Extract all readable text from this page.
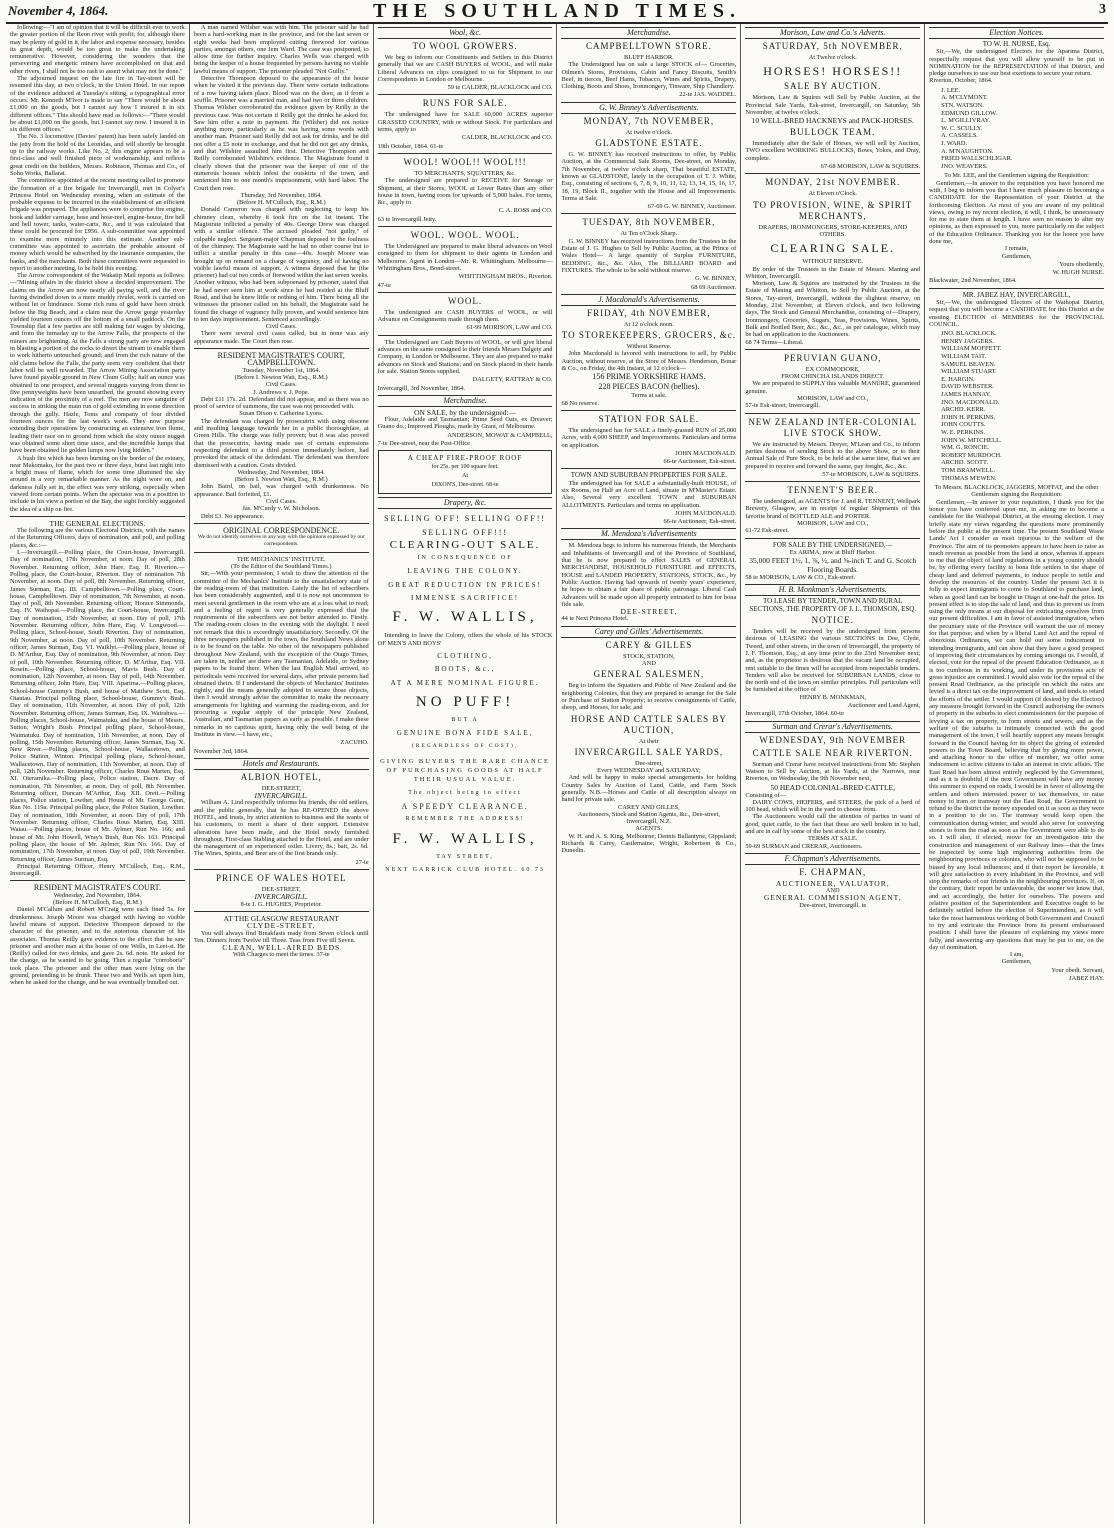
November 4, 1864.	THE SOUTHLAND TIMES.	3

following:—"I am of opinion that it will be difficult ever to work the greater portion of the Reon river with profit; for, although there may be plenty of gold in it, the labor and expense necessary, besides its great depth, would be too great to make the undertaking remunerative. However, considering the wonders that the persevering and energetic miners have accomplished on that and other rivers, I shall not be too rash to assert what may not be done."

The adjourned inquest on the late fire in Tay-street will be resumed this day, at two o'clock, in the Union Hotel. In our report of the evidence adduced at Tuesday's sitting, a typographical error occurs. Mr. Kenneth M'Ivor is made to say "There would be about £1,000 on the goods, but I cannot say how I insured it in six different offices." This should have read as follows:—"There would be about £1,000 on the goods, but I cannot say now. I insured it in six different offices."

The No. 3 locomotive (Davies' patent) has been safely landed on the jetty from the hold of the Leonidas, and will shortly be brought up to the railway works. Like No. 2, this engine appears to be a first-class and well finished piece of workmanship, and reflects great credit on the builders, Messrs. Robinson, Thomas and Co., of Soho Works, Ballarat.

The committee appointed at the recent meeting called to promote the formation of a fire brigade for Invercargill, met in Colyer's Princess Hotel on Wednesday evening, when an estimate of the probable expense to be incurred in the establishment of an efficient brigade was prepared. The appliances were to comprise fire engine, hook and ladder carriage, hose and hose-reel, engine-house, fire bell and bell tower, tanks, water-carts, &c., and it was calculated that these could be procured for £956. A sub-committee was appointed to examine more minutely into this estimate. Another sub-committee was appointed to ascertain the probable amount of money which would be subscribed by the insurance companies, the banks, and the merchants. Both these committees were requested to report to another meeting, to be held this evening.

The Arrow correspondent of the Wakatip Mail reports as follows:—"Mining affairs in the district show a decided improvement. The claims on the Arrow are now nearly all paying well, and the river having dwindled down to a mere muddy rivulet, work is carried on without let or hindrance. Some rich runs of gold have been struck below the Big Beach, and a claim near the Arrow gorge yesterday yielded fourteen ounces off the bottom of a small paddock. On the Township flat a few parties are still making fair wages by sluicing, and from the turnaday up to the Arrow Falls, the prospects of the miners are brightening. At the Falls a strong party are now engaged in blasting a portion of the rocks to divert the stream to enable them to work hitherto untouched ground; and from the rich nature of the old claims below the Falls, the party seem very confident that their labor will be well rewarded. The Arrow Mining Association party have found payable ground in New Chum Gully; half an ounce was obtained in one prospect, and several nuggets varying from three to five pennyweights have been unearthed, the ground showing every indication of the proximity of a reef. The men are now sanguine of success in striking the main run of gold extending in some direction through the gully. Hazle, Toms and company of four divided fourteen ounces for the last week's work. They now purpose extending their operations by constructing an extensive iron flume, leading their race on to ground from which the sixty ounce nugget was obtained some short time since, and the incredible lumps that have been obtained lie golden lumps now lying hidden."

A bush fire which has been burning on the border of the estuary, near Makomako, for the past two or three days, burst last night into a bright mass of flame, which for some time illumined the sky around in a very remarkable manner. As the night wore on, and darkness fully set in, the effect was very striking, especially when viewed from certain points. When the spectator was in a position to include in his view a portion of the Bay, the sight forcibly suggested the idea of a ship on fire.

THE GENERAL ELECTIONS.

The following are the various Electoral Districts, with the names of the Returning Officers, days of nomination, and poll, and polling places, &c.:—

I.—Invercargill.—Polling place, the Court-house, Invercargill. Day of nomination, 17th November, at noon. Day of poll, 28th November. Returning officer, John Hare, Esq. II. Riverton.—Polling place, the Court-house, Riverton. Day of nomination 7th November, at noon. Day of poll, 8th November. Returning officer, James Surman, Esq. III. Campbelltown.—Polling place, Court-house, Campbelltown. Day of nomination, 7th November, at noon. Day of poll, 8th November. Returning officer, Horace Simmonds, Esq. IV. Waihopai.—Polling place, the Court-house, Invercargill. Day of nomination, 15th November, at noon. Day of poll, 17th November. Returning officer, John Hare, Esq. V. Longwood.—Polling place, School-house, South Riverton. Day of nomination, 9th November, at noon. Day of poll, 10th November. Returning officer, James Surman, Esq. VI. Waiklyt.—Polling place, house of D. M'Arthur, Esq. Day of nomination, 9th November, at noon. Day of poll, 10th November. Returning officer, D. M'Arthur, Esq. VII. Rosein.—Polling place, School-house, Mavis Bush. Day of nomination, 12th November, at noon. Day of poll, 14th November. Returning officer, John Hare, Esq. VIII. Aparima.—Polling places, School-house Gummy's Bush, and house of Matthew Scott, Esq. Otautau. Principal polling place, School-house, Gummy's Bush. Day of nomination, 11th November, at noon. Day of poll, 12th November. Returning officer, James Surman, Esq. IX. Wairahwa.—Polling places, School-house, Waimatuku, and the house of Messrs. Sutton, Wright's Bush. Principal polling place, School-house, Waimatuku. Day of nomination, 11th November, at noon. Day of polling, 15th November. Returning officer, James Surman, Esq. X. New River.—Polling places, School-house, Wallacetown, and Police Station, Winton. Principal polling place, School-house, Wallacetown. Day of nomination, 11th November, at noon. Day of poll, 12th November. Returning officer, Charles Rous Marten, Esq. XI. Oteramika.—Polling place, Police station, Dacre. Day of nomination, 7th November, at noon. Day of poll, 8th November. Returning officer, Duncan M'Arthur, Esq. XII. Oreti.—Polling places, Police station, Lowther, and House of Mr. George Gunn, Run No. 119a. Principal polling place, the Police Station, Lowther. Day of nomination, 18th November, at noon. Day of poll, 17th November. Returning officer, Charles Rous Marten, Esq. XIII. Waiau.—Polling places, house of Mr. Aylmer, Run No. 166; and house of Mr. John Howell, Wray's Bush, Run No. 163. Principal polling place, the house of Mr. Aylmer, Run No. 166. Day of nomination, 17th November, at noon. Day of poll, 19th November. Returning officer, James Surman, Esq.

Principal Returning Officer, Henry M'Culloch, Esq., R.M., Invercargill.

RESIDENT MAGISTRATE'S COURT.
Wednesday, 2nd November, 1864.
(Before H. M'Culloch, Esq., R.M.)

Daniel M'Callum and Robert M'Craig were each fined 5s. for drunkenness. Joseph Moore was charged with having no visible lawful means of support. Detective Thompson deposed to the character of the prisoner, and to the notorious character of his associates. Thomas Reilly gave evidence to the effect that he saw prisoner and another man at the house of one Wells, in Leet-st. He (Reilly) called for two drinks, and gave 2s. 6d. note. He asked for the change, as he wanted to be going. Then a regular "corroboris" took place. The prisoner and the other man were lying on the ground, pretending to be drunk. These two and Wells set upon him, when he asked for the change, and he was eventually bundled out.

A man named Wilsher was with him. The prisoner said he had been a hard-working man in the province, and for the last seven or eight weeks had been employed cutting firewood for various parties, amongst others, one Jem Ward. The case was postponed, to allow time for further inquiry. Charles Wells was charged with being the keeper of a house frequented by persons having no visible lawful means of support. The prisoner pleaded "Not Guilty."

Detective Thompson deposed to the appearance of the house when he visited it the previous day. There were certain indications of a row having taken place. Blood was on the door, as if from a scuffle. Prisoner was a married man, and had two or three children. Thomas Wilsher corroborated the evidence given by Reilly in the previous case. Was not certain if Reilly got the drinks he asked for. Saw him offer a note in payment. He (Wilsher) did not notice anything more, particularly as he was having some words with another man. Prisoner said Reilly did not ask for drinks, and he did not offer a £5 note in exchange, and that he did not get any drinks, and that Wilshire assaulted him first. Detective Thompson and Reilly corroborated Wilshire's evidence. The Magistrate found it clearly shown that the prisoner was the keeper of one of the numerous houses which infest the outskirts of the town, and sentenced him to one month's imprisonment, with hard labor. The Court then rose.

Thursday, 3rd November, 1864.
(Before H. M'Culloch, Esq., R.M.)

Donald Cameron was charged with neglecting to keep his chimney clean, whereby it took fire on the 1st instant. The Magistrate inflicted a penalty of 40s. George Drew was charged with a similar offence. The accused pleaded "not guilty," of culpable neglect. Sergeant-major Chapman deposed to the foulness of the chimney. The Magistrate said he had no other course but to inflict a similar penalty in this case—40s. Joseph Moore was brought up on remand on a charge of vagrancy, and of having no visible lawful means of support. A witness deposed that he (the prisoner) had cut two cords of firewood within the last seven weeks. Another witness, who had been subpoenaed by prisoner, stated that he had never seen him at work since he had resided at the Bluff Road, and that he knew little or nothing of him. There being all the witnesses the prisoner called on his behalf, the Magistrate said he found the charge of vagrancy fully proven, and would sentence him to ten days imprisonment. Sentenced accordingly.

Civil Cases.

There were several civil cases called, but in none was any appearance made. The Court then rose.

RESIDENT MAGISTRATE'S COURT, CAMPBELLTOWN.
Tuesday, November 1st, 1864.
(Before I. Newton Watt, Esq., R.M.)
Civil Cases.
J. Andrews v. J. Pope.

Debt £11 17s. 2d. Defendant did not appear, and as there was no proof of service of summons, the case was not proceeded with.

Susan Dixon v. Catherine Lyons.

The defendant was charged by prosecutrix with using obscene and insulting language towards her in a public thoroughfare, at Green Hills. The charge was fully proven; but it was also proved that the prosecutrix, having made use of certain expressions respecting defendant to a third person immediately before, had provoked the attack of the defendant. The defendant was therefore dismissed with a caution. Costs divided.

Wednesday, 2nd November, 1864.
(Before I. Newton Watt, Esq., R.M.)

John Baird, on bail, was charged with drunkenness. No appearance. Bail forfeited, £1.

Civil Cases.
Jas. M'Curdy v. W. Nicholson.

Debt £3. No appearance.

ORIGINAL CORRESPONDENCE.
We do not identify ourselves in any way with the opinions expressed by our correspondents.
THE MECHANICS' INSTITUTE.
(To the Editor of the Southland Times.)

Sir,—With your permission, I wish to draw the attention of the committee of the Mechanics' Institute to the unsatisfactory state of the reading-room of that institution. Lately the list of subscribers has been considerably augmented, and it is now not uncommon to meet several gentlemen in the room who are at a loss what to read; and a feeling of regret is very generally expressed that the requirements of the subscribers are not better attended to. Firstly. The reading-room closes in the evening with the daylight. I need not remark that this is exceedingly unsatisfactory. Secondly. Of the three newspapers published in the town, the Southland News alone is to be found on the table. No other of the newspapers published throughout New Zealand, with the exception of the Otago Times, are taken in, neither are there any Tasmanian, Adelaide, or Sydney papers to be found there. When the last English Mail arrived, no periodicals were received for several days, after private persons had obtained theirs. If I understand the objects of Mechanics' Institutes rightly, and the means generally adopted to secure those objects, then I would strongly advise the committee to make the necessary arrangements for lighting and warming the reading-room, and for procuring a regular supply of the principle New Zealand, Australian, and Tasmanian papers as early as possible. I make these remarks in no captious spirit, having only the well being of the Institute in view.—I have, etc.,

ZACUHO.
November 3rd, 1864.
Hotels and Restaurants.
ALBION HOTEL,
DEE-STREET,
INVERCARGILL.

William A. Lind respectfully informs his friends, the old settlers, and the public generally, that he has RE-OPENED the above HOTEL, and trusts, by strict attention to business and the wants of his customers, to merit a share of their support. Extensive alterations have been made, and the Hotel newly furnished throughout. First-class Stabling attached to the Hotel, and are under the management of an experienced ostler. Livery, 8s.; bait, 2s. 6d. The Wines, Spirits, and Beer are of the first brands only.

27-te
PRINCE OF WALES HOTEL
DEE-STREET,
INVERCARGILL.
8-te J. G. HUGHES, Proprietor.
AT THE GLASGOW RESTAURANT
CLYDE-STREET,

You will always find Breakfasts ready from Seven o'clock until Ten. Dinners from Twelve till Three. Teas from Five till Seven.

CLEAN, WELL-AIRED BEDS
With Charges to meet the times. 37-te
Wool, &c.
TO WOOL GROWERS.

We beg to inform our Constituents and Settlers in this District generally that we are CASH BUYERS of WOOL, and will make Liberal Advances on clips consigned to us for Shipment to our Correspondents in London or Melbourne.

59 te CALDER, BLACKLOCK and CO.
RUNS FOR SALE.

The undersigned have for SALE 60,000 ACRES superior GRASSED COUNTRY, with or without Stock. For particulars and terms, apply to

CALDER, BLACKLOCK and CO.
19th October, 1864. 61-te
WOOL! WOOL!! WOOL!!!
TO MERCHANTS, SQUATTERS, &c.

The undersigned are prepared to RECEIVE for Storage or Shipment, at their Stores, WOOL at Lower Rates than any other house in town, having room for upwards of 5,000 bales. For terms, &c., apply to

C. A. ROSS and CO.
63 te Invercargill Jetty.
WOOL. WOOL. WOOL.

The Undersigned are prepared to make liberal advances on Wool consigned to them for shipment to their agents in London and Melbourne. Agent in London—Mr. R. Whittingham. Melbourne—Whittingham Bros., Bond-street.

WHITTINGHAM BROS., Riverton.
47-te
WOOL.

The undersigned are CASH BUYERS of WOOL, or will Advance on Consignments made through them.

61-99 MORISON, LAW and CO.

The Undersigned are Cash Buyers of WOOL, or will give liberal advances on the same consigned to their friends Messrs Dalgety and Company, in London or Melbourne. They are also prepared to make advances on Stock and Stations; and on Stock placed in their hands for sale. Station Stores supplied.

DALGETY, RATTRAY & CO.
Invercargill, 3rd November, 1864.
Merchandise.
ON SALE, by the undersigned:—

Flour, Adelaide and Tasmanian; Prime Seed Oats, ex Dreaver; Guano do.; Improved Ploughs, made by Grant, of Melbourne.

ANDERSON, MOWAT & CAMPBELL,
7-te Dee-street, near the Post-Office
A CHEAP FIRE-PROOF ROOF
for 25s. per 100 square feet.
At
DIXON'S, Dee-street. 68-te
Drapery, &c.
SELLING OFF! SELLING OFF!!
SELLING OFF!!!
CLEARING-OUT SALE.
IN CONSEQUENCE OF
LEAVING THE COLONY.
GREAT REDUCTION IN PRICES!
IMMENSE SACRIFICE!
F. W. WALLIS,

Intending to leave the Colony, offers the whole of his STOCK OF MEN'S AND BOYS'

CLOTHING,
BOOTS, &c.,
AT A MERE NOMINAL FIGURE.
NO PUFF!
BUT A
GENUINE BONA FIDE SALE,
(REGARDLESS OF COST),
GIVING BUYERS THE RARE CHANCE OF PURCHASING GOODS AT HALF THEIR USUAL VALUE.
The object being to effect
A SPEEDY CLEARANCE.
REMEMBER THE ADDRESS!
F. W. WALLIS,
TAY STREET,
NEXT GARRICK CLUB HOTEL. 60 73
Merchandise.
CAMPBELLTOWN STORE.
BLUFF HARBOR.

The Undersigned has on sale a large STOCK of— Groceries, Oilmen's Stores, Provisions, Cabin and Fancy Biscuits, Smith's Beef, in tierces, Beef Hams, Tobacco, Wines and Spirits, Drapery, Clothing, Boots and Shoes, Ironmongery, Tinware, Ship Chandlery.

22-te JAS. WADDEL.
G. W. Binney's Advertisements.
MONDAY, 7th NOVEMBER,
At twelve o'clock.
GLADSTONE ESTATE.

G. W. BINNEY has received instructions to offer, by Public Auction, at the Commercial Sale Rooms, Dee-street, on Monday, 7th November, at twelve o'clock sharp, That beautiful ESTATE, known as GLADSTONE, lately in the occupation of T. J. White, Esq., consisting of sections 6, 7, 8, 9, 10, 11, 12, 13, 14, 15, 16, 17, 18, 19, Block II., together with the House and all Improvements. Terms at Sale.

67-69 G. W. BINNEY, Auctioneer.
TUESDAY, 8th NOVEMBER,
At Ten o'Clock Sharp.

G. W. BINNEY has received instructions from the Trustees in the Estate of J. G. Hughes to Sell by Public Auction, at the Prince of Wales Hotel— A large quantity of Surplus FURNITURE, BEDDING, &c., &c. Also, The BILLIARD BOARD and FIXTURES. The whole to be sold without reserve.

G. W. BINNEY,
68 69 Auctioneer.
J. Macdonald's Advertisements.
FRIDAY, 4th NOVEMBER,
At 12 o'clock noon.
TO STOREKEEPERS, GROCERS, &c.
Without Reserve.

John Macdonald is favored with instructions to sell, by Public Auction, without reserve, at the Store of Messrs. Henderson, Bonar & Co., on Friday, the 4th instant, at 12 o'clock—

156 PRIME YORKSHIRE HAMS.
228 PIECES BACON (bellies).
Terms at sale.
68 No reserve.
STATION FOR SALE.

The undersigned has for SALE a finely-grassed RUN of 25,000 Acres, with 4,000 SHEEP, and Improvements. Particulars and terms on application.

JOHN MACDONALD.
66-te Auctioneer, Esk-street.
TOWN AND SUBURBAN PROPERTIES FOR SALE.

The undersigned has for SALE a substantially-built HOUSE, of six Rooms, on Half an Acre of Land, situate in M'Master's Estate. Also, Several very excellent TOWN and SUBURBAN ALLOTMENTS. Particulars and terms on application.

JOHN MACDONALD.
66-te Auctioneer, Esk-street.
M. Mendoza's Advertisements

M. Mendoza begs to inform his numerous friends, the Merchants and Inhabitants of Invercargill and of the Province of Southland, that he is now prepared to effect SALES of GENERAL MERCHANDISE, HOUSEHOLD FURNITURE and EFFECTS, HOUSE and LANDED PROPERTY, STATIONS, STOCK, &c., by Public Auction. Having had upwards of twenty years' experience, he hopes to obtain a fair share of public patronage. Liberal Cash Advances will be made upon all property entrusted to him for bona fide sale.

DEE-STREET,
44 te Next Princess Hotel.
Carey and Gilles' Advertisements.
CAREY & GILLES
STOCK, STATION,
AND
GENERAL SALESMEN,

Beg to inform the Squatters and Public of New Zealand and the neighboring Colonies, that they are prepared to arrange for the Sale or Purchase of Station Property; to receive consignments of Cattle, sheep, and Horses, for sale; and

HORSE AND CATTLE SALES BY AUCTION,
At their
INVERCARGILL SALE YARDS,
Dee-street,
Every WEDNESDAY and SATURDAY;

And will be happy to make special arrangements for holding Country Sales by Auction of Land, Cattle, and Farm Stock generally. N.B.—Horses and Cattle of all description always on hand for private sale.

CAREY AND GILLES,
Auctioneers, Stock and Station Agents, &c., Dee-street, Invercargill, N.Z.
AGENTS:

W. H. and A. S. King, Melbourne; Dennis Ballantyne, Gippsland; Richards & Carey, Castlemaine; Wright, Robertson & Co., Dunedin.

Morison, Law and Co.'s Adverts.
SATURDAY, 5th NOVEMBER,
At Twelve o'clock.
HORSES! HORSES!!
SALE BY AUCTION.

Morison, Law & Squires will Sell by Public Auction, at the Provincial Sale Yards, Esk-street, Invercargill, on Saturday, 5th November, at twelve o'clock,

10 WELL-BRED HACKNEYS and PACK-HORSES.
BULLOCK TEAM.

Immediately after the Sale of Horses, we will sell by Auction, TWO excellent WORKING BULLOCKS, Bows, Yokes, and Dray, complete.

67-68 MORISON, LAW & SQUIRES.
MONDAY, 21st NOVEMBER.
At Eleven o'Clock.
TO PROVISION, WINE, & SPIRIT MERCHANTS,
DRAPERS, IRONMONGERS, STORE-KEEPERS, AND OTHERS.
CLEARING SALE.
WITHOUT RESERVE.

By order of the Trustees in the Estate of Messrs. Maning and Whitton, Invercargill.

Morison, Law & Squires are instructed by the Trustees in the Estate of Maning and Whitton, to Sell by Public Auction, at the Stores, Tay-street, Invercargill, without the slightest reserve, on Monday, 21st November, at Eleven o'clock, and two following days, The Stock and General Merchandise, consisting of—Drapery, Ironmongery, Groceries, Sugars, Teas, Provisions, Wines, Spirits, Bulk and Bottled Beer, &c., &c., &c., as per catalogue, which may be had on application to the Auctioneers.

68 74 Terms—Liberal.
PERUVIAN GUANO,
EX COMMODORE,
FROM CHINCHA ISLANDS DIRECT.

We are prepared to SUPPLY this valuable MANURE, guaranteed genuine.

MORISON, LAW and CO.,
57-te Esk-street, Invercargill.
NEW ZEALAND INTER-COLONIAL LIVE STOCK SHOW.

We are instructed by Messrs. Dreyer, M'Lean and Co., to inform parties desirous of sending Stock to the above Show, or to their Annual Sale of Pure Stock, to be held at the same time, that we are prepared to receive and forward the same, pay freight, &c., &c.

57-te MORISON, LAW & SQUIRES.
TENNENT'S BEER.

The undersigned, as AGENTS for J. and R. TENNENT, Wellpark Brewery, Glasgow, are in receipt of regular Shipments of this favorite brand of BOTTLED ALE and PORTER.

MORISON, LAW and CO.,
61-72 Esk-street.
FOR SALE BY THE UNDERSIGNED,—
Ex ARIMA, now at Bluff Harbor.
35,000 FEET 1½, 1, ⅞, ½, and ⅝-inch T. and G. Scotch Flooring Boards.
58 te MORISON, LAW & CO., Esk-street.
H. B. Monkman's Advertisements.
TO LEASE BY TENDER, TOWN AND RURAL SECTIONS, THE PROPERTY OF J. L. THOMSON, ESQ.
NOTICE.

Tenders will be received by the undersigned from persons desirous of LEASING the various SECTIONS in Doe, Clyde, Tweed, and other streets, in the town of Invercargill, the property of J. F. Thomson, Esq., at any time prior to the 23rd November next; and, as the proprietor is desirous that the vacant land be occupied, rent suitable to the times will be accepted from respectable tenders. Tenders will also be received for SUBURBAN LANDS, close to the north end of the town on similar principles. Full particulars will be furnished at the office of

HENRY B. MONKMAN,
Auctioneer and Land Agent,
Invercargill, 17th October, 1864. 60-te
Surman and Crerar's Advertisements.
WEDNESDAY, 9th NOVEMBER
CATTLE SALE NEAR RIVERTON.

Surman and Crerar have received instructions from Mr. Stephen Watson to Sell by Auction, at his Yards, at the Narrows, near Riverton, on Wednesday, the 9th November next,

50 HEAD COLONIAL-BRED CATTLE,
Consisting of—

DAIRY COWS, HEIFERS, and STEERS, the pick of a herd of 100 head, which will be in the yard to choose from.

The Auctioneers would call the attention of parties in want of good, quiet cattle, to the fact that these are well broken in to bail, and are in calf by some of the best stock in the country.

TERMS AT SALE.
59-69 SURMAN and CRERAR, Auctioneers.
F. Chapman's Advertisements.
F. CHAPMAN,
AUCTIONEER, VALUATOR,
AND
GENERAL COMMISSION AGENT,
Dee-street, Invercargill. te
Election Notices.
TO W. H. NURSE, Esq.

Sir,—We, the undersigned Electors for the Aparima District, respectfully request that you will allow yourself to be put in NOMINATION for the REPRESENTATION of that District, and pledge ourselves to use our best exertions to secure your return.

Riverton, October, 1864.
J. LEE.
A. M'CLYMONT.
STN. WATSON.
EDMUND GILLOW.
L. M'GILLIVRAY.
W. C. SCULLY.
A. CASSELS.
J. WARD.
A. M'NAUGHTON.
FRIED WALLSCHLIGAR.
JNO. WEAVERS.
To Mr. LEE, and the Gentlemen signing the Requisition:

Gentlemen,—In answer to the requisition you have honored me with, I beg to inform you that I have much pleasure in becoming a CANDIDATE for the Representation of your District at the forthcoming Election. As most of you are aware of my political views, owing to my recent election, it will, I think, be unnecessary for me to state them at length. I have seen no reason to alter my opinions, as then expressed to you, more particularly on the subject of the Education Ordinance. Thanking you for the honor you have done me,

I remain,
Gentlemen,
Yours obediently,
W. HUGH NURSE.
Blackwater, 2nd November, 1864.
MR. JABEZ HAY, INVERCARGILL,

Sir,—We, the undersigned Electors of the Waihopai District, request that you will become a CANDIDATE for this District at the ensuing ELECTION of MEMBERS for the PROVINCIAL COUNCIL.

JNO. BLACKLOCK.
HENRY JAGGERS.
WILLIAM MOFFETT.
WILLIAM TAIT.
SAMUEL BEAVEN.
WILLIAM STUART.
E. HARGIN.
DAVID WEBSTER.
JAMES HANNAY.
JNO. MACDONALD.
ARCHD. KERR.
JOHN H. PERKINS.
JOHN COUTTS.
W. E. PERKINS.
JOHN W. MITCHELL.
WM. G. RONCIE.
ROBERT MURDOCH.
ARCHD. SCOTT.
TOM BRAMWELL.
THOMAS M'EWEN.
To Messrs. BLACKLOCK, JAGGERS, MOFFAT, and the other Gentlemen signing the Requisition:

Gentlemen,—In answer to your requisition, I thank you for the honor you have conferred upon me, in asking me to become a candidate for the Waihopai District, at the ensuing election. I may briefly state my views regarding the questions more prominently before the public at the present time. The present Southland Waste Lands' Act I consider as most injurious to the welfare of the Province. The aim of its promoters appears to have been to raise as much revenue as possible from the land at once, whereas it appears to me that the object of land regulations in a young country should be, by offering every facility to bona fide settlers in the shape of cheap land and deferred payments, to induce people to settle and develop the resources of the country. Under the present Act it is folly to expect immigrants to come to Southland to purchase land, when as good land can be bought in Otago at one-half the price. Its present effect is to stop the sale of land, and thus to prevent us from using the only means at our disposal for extricating ourselves from our present difficulties. I am in favor of assisted immigration, when the pecuniary state of the Province will warrant the use of money for that purpose; and when by a liberal Land Act and the repeal of obnoxious Ordinances, we can hold out some inducement to intending immigrants, and can show that they have a good prospect of improving their circumstances by coming amongst us. I would, if elected, vote for the repeal of the present Education Ordinance, as it is too cumbrous in its working, and under its provisions acts of gross injustice are committed. I would also vote for the repeal of the present Road Ordinance, as the principle on which the rates are levied is a direct tax on the improvement of land, and tends to retard the efforts of the settler. I would support (if desired by the Electors) any measure brought forward in the Council authorising the owners of property in the suburbs to elect commissioners for the purpose of levying a tax on property, to form streets and sewers; and as the welfare of the suburbs is intimately connected with the good management of the town, I will heartily support any means brought forward in the Council having for its object the giving of extended powers to the Town Board, believing that by giving more power, and attaching honor to the office of member, we offer some inducement to active citizens to take an interest in civic affairs. The East Road has been almost entirely neglected by the Government, and as it is doubtful if the next Government will have any money this summer to expend on roads, I would be in favor of allowing the settlers and others interested power to tax themselves, or raise money to tram or tramway out the East Road, the Government to refund to the district the money expended on it as soon as they were in a position to do so. The tramway would keep open the communication during winter, and would also serve for conveying stones to form the road as soon as the Government were able to do so. I will also, if elected, move for an investigation into the construction and management of our Railway lines—that the lines be inspected by some high engineering authorities from the neighbouring provinces or colonies, who will not be supposed to be biased by any local influences; and if their report be favorable, it will give satisfaction to every inhabitant in the Province, and will stop the remarks of our friends in the neighbouring provinces. If, on the contrary, their report be unfavorable, the sooner we know that, and act accordingly, the better for ourselves. The powers and relative position of the Superintendent and Executive ought to be definitely settled before the election of Superintendent, as it will take the most harmonious working of both Government and Council to try and extricate the Province from its present embarrassed position. I shall have the pleasure of explaining my views more fully, and answering any questions that may be put to me, on the day of nomination.

I am,
Gentlemen,
Your obedt. Servant,
JABEZ HAY.
